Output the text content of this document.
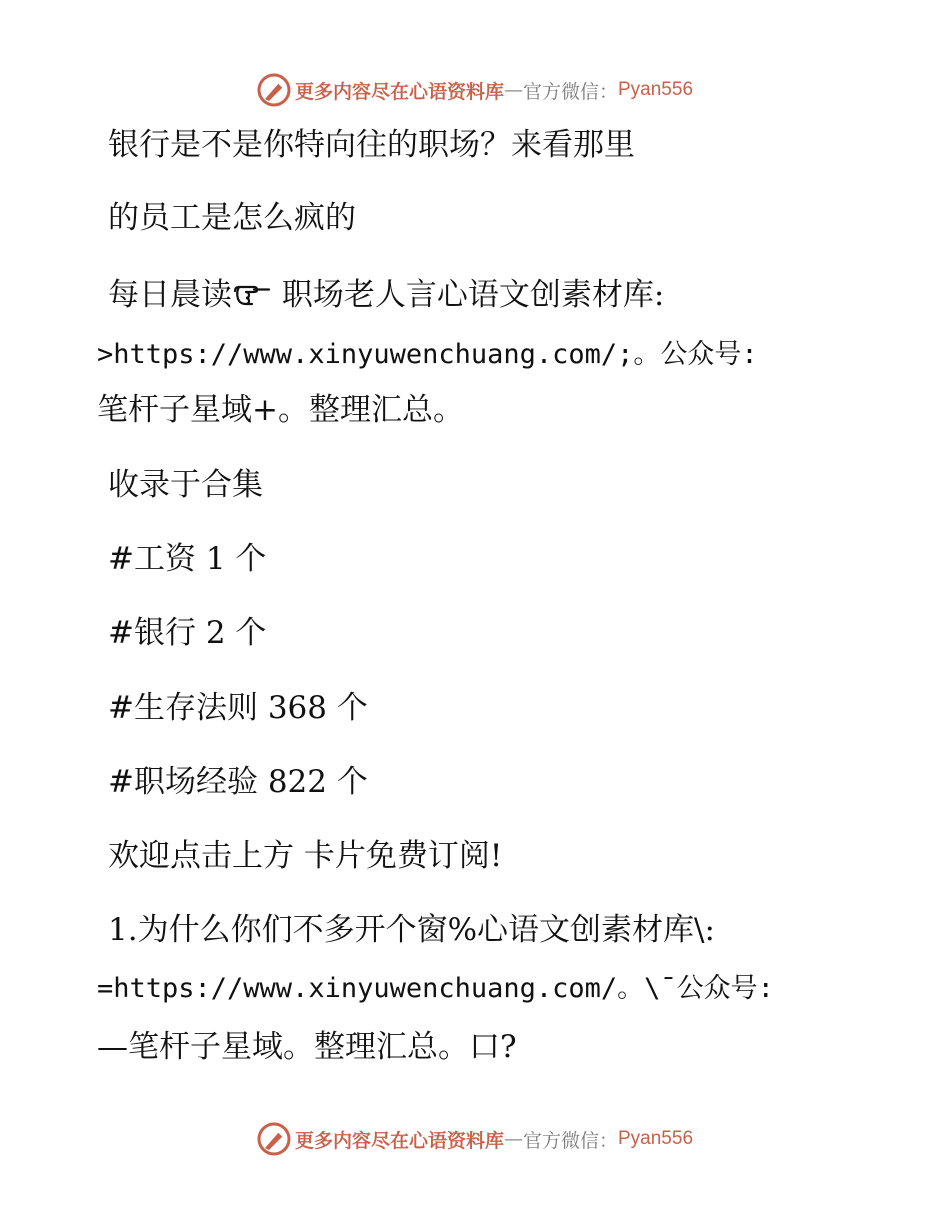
更多内容尽在心语资料库 — 官方微信： Pyan556
银行是不是你特向往的职场？来看那里
的员工是怎么疯的
每日晨读 职场老人言心语文创素材库:
>https://www.xinyuwenchuang.com/;。公众号:
笔杆子星域+。整理汇总。
收录于合集
#工资 1 个
#银行 2 个
#生存法则 368 个
#职场经验 822 个
欢迎点击上方 卡片免费订阅!
1.为什么你们不多开个窗%心语文创素材库\:
=https://www.xinyuwenchuang.com/。\¯公众号:
—笔杆子星域。整理汇总。口?
更多内容尽在心语资料库 — 官方微信： Pyan556
